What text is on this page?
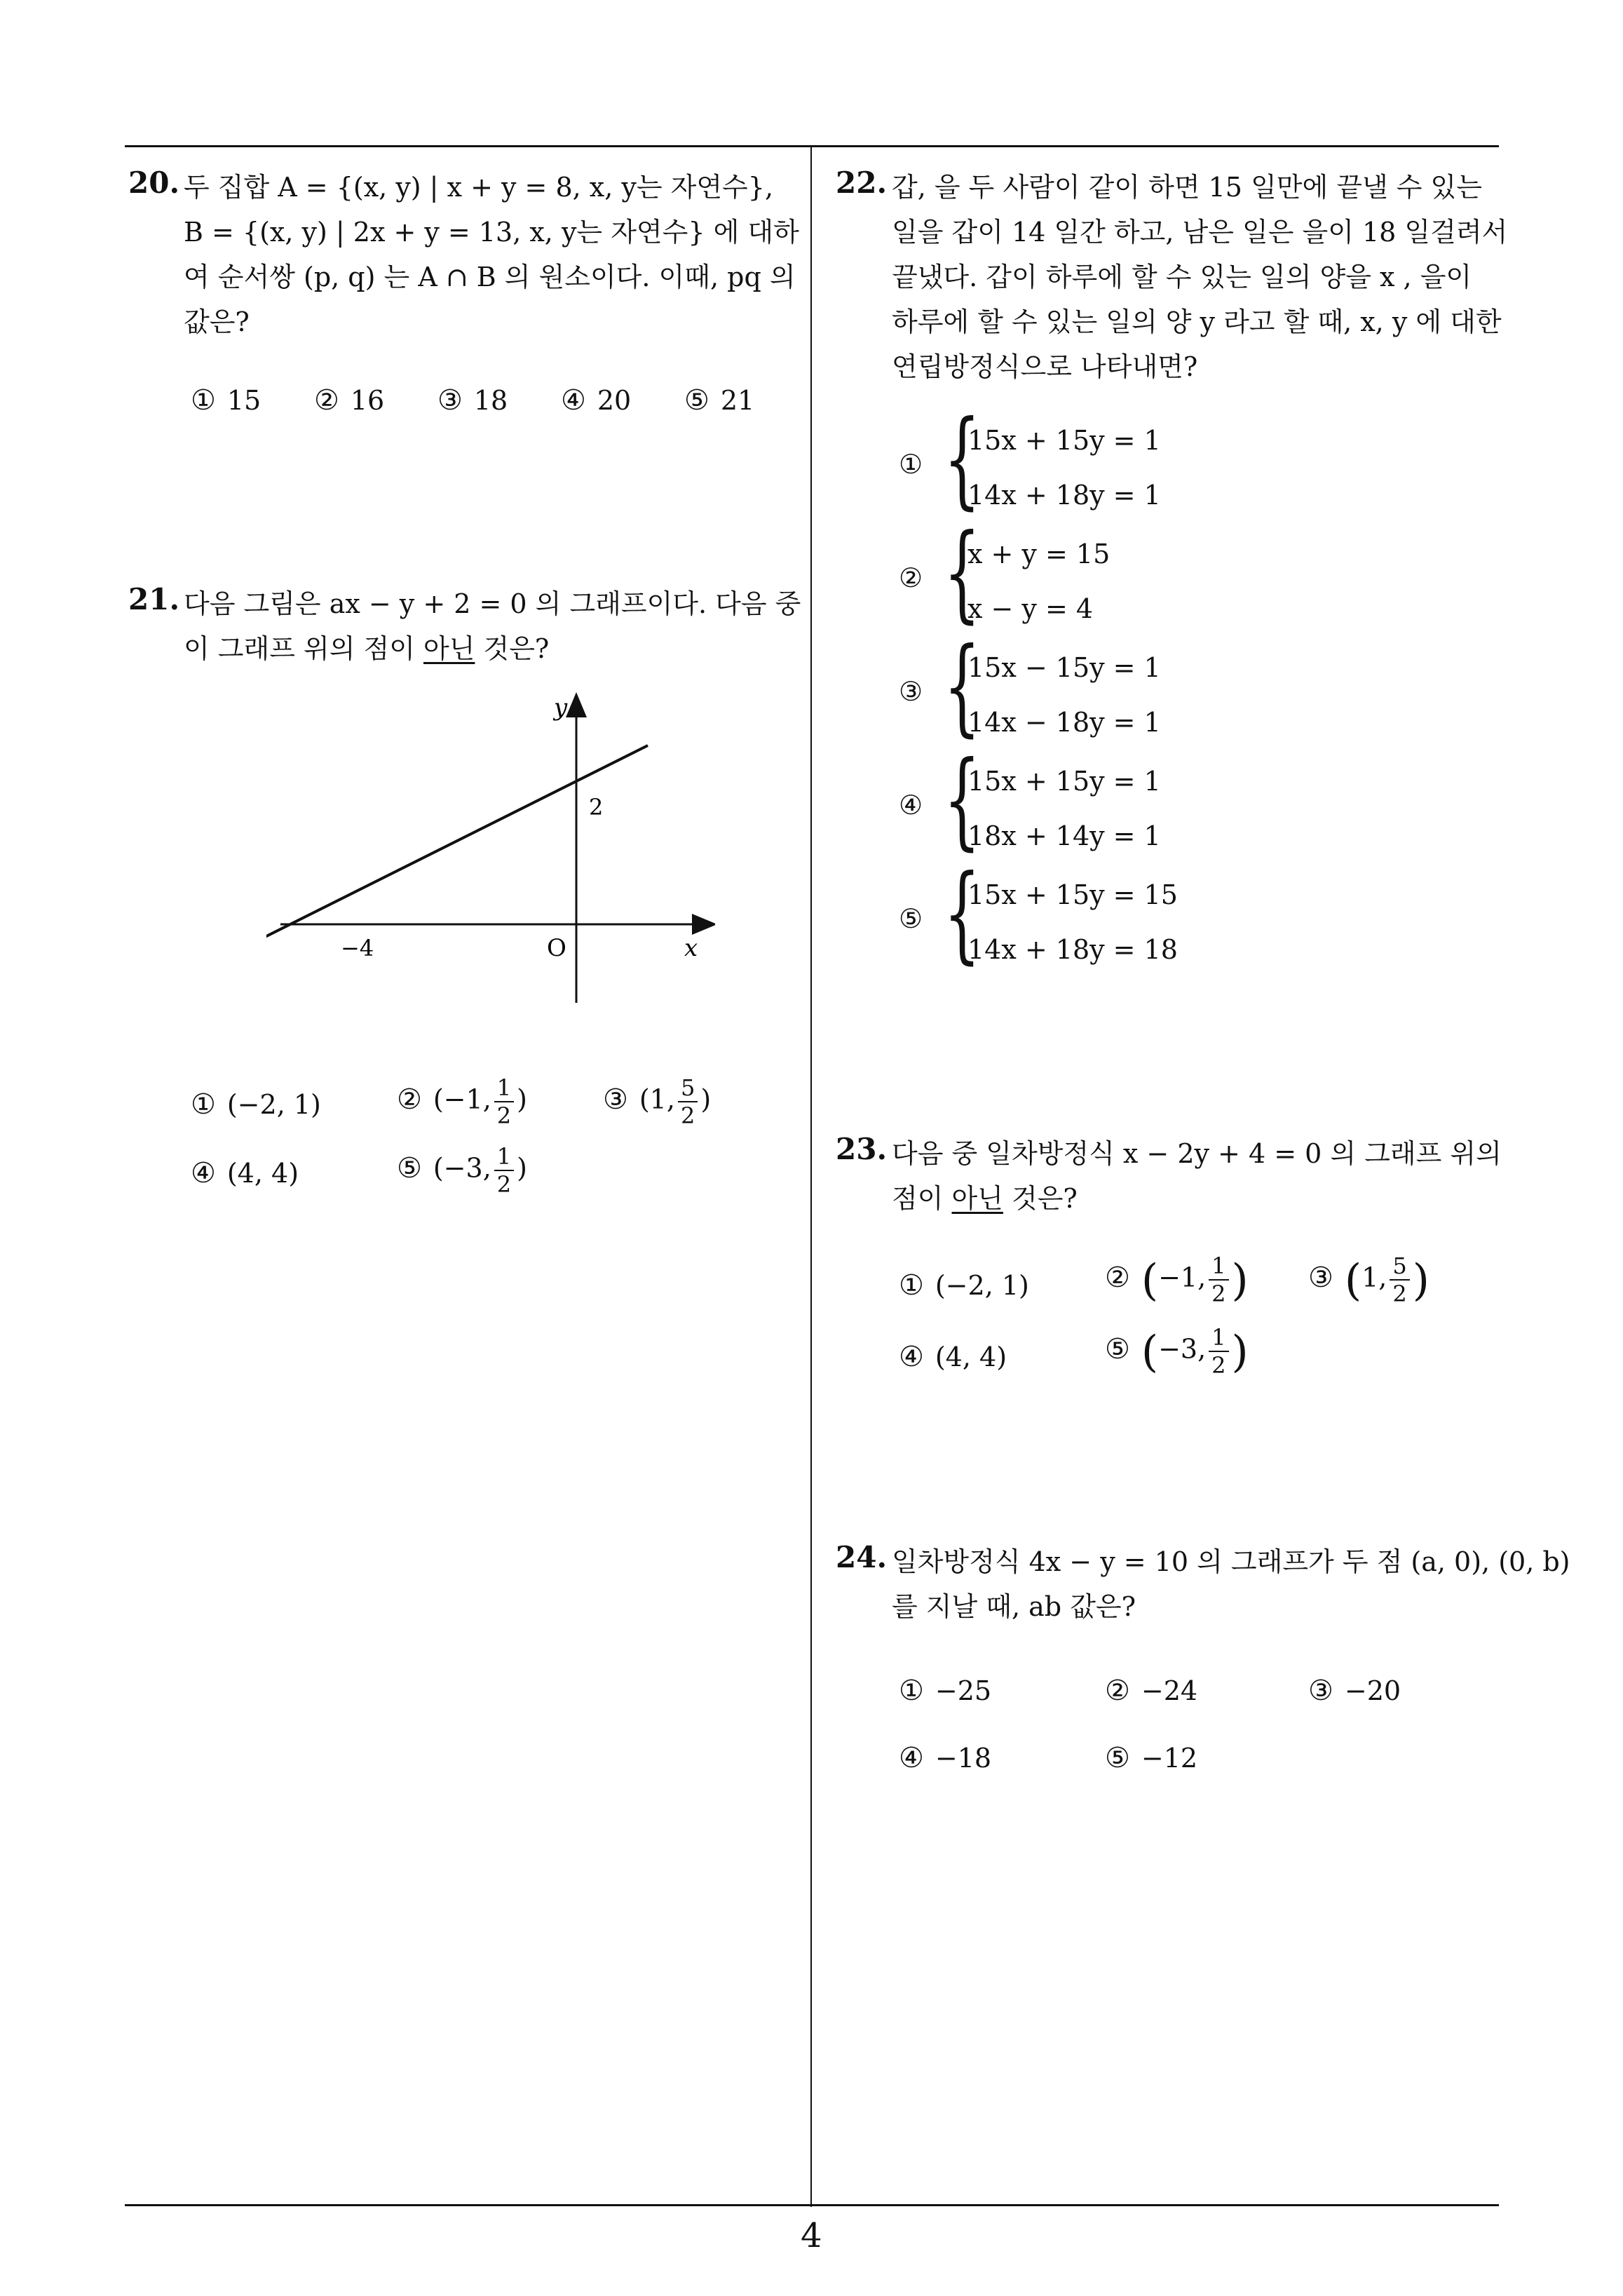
4
20. 두 집합 A = {(x, y) | x + y = 8, x, y는 자연수},
B = {(x, y) | 2x + y = 13, x, y는 자연수} 에 대하
여 순서쌍 (p, q) 는 A ∩ B 의 원소이다. 이때, pq 의
값은?
① 15 ② 16 ③ 18 ④ 20 ⑤ 21
21. 다음 그림은 ax − y + 2 = 0 의 그래프이다. 다음 중
이 그래프 위의 점이 아닌 것은?
y
x
O
−4
2
① (−2, 1)	② (−1, $\frac{1}{2}$ )	③ (1, $\frac{5}{2}$ )
④ (4, 4)	⑤ (−3, $\frac{1}{2}$ )
22. 갑, 을 두 사람이 같이 하면 15 일만에 끝낼 수 있는
일을 갑이 14 일간 하고, 남은 일은 을이 18 일걸려서
끝냈다. 갑이 하루에 할 수 있는 일의 양을 x , 을이
하루에 할 수 있는 일의 양 y 라고 할 때, x, y 에 대한
연립방정식으로 나타내면?
① {
15x + 15y = 1
14x + 18y = 1
② {
x + y = 15
x − y = 4
③ {
15x − 15y = 1
14x − 18y = 1
④ {
15x + 15y = 1
18x + 14y = 1
⑤ {
15x + 15y = 15
14x + 18y = 18
23. 다음 중 일차방정식 x − 2y + 4 = 0 의 그래프 위의
점이 아닌 것은?
① (−2, 1)	② (−1, $\frac{1}{2}$ ) ③ (1, $\frac{5}{2}$ )
④ (4, 4)	⑤ (−3, $\frac{1}{2}$ )
24. 일차방정식 4x − y = 10 의 그래프가 두 점 (a, 0), (0, b)
를 지날 때, ab 값은?
① −25	② −24	③ −20
④ −18	⑤ −12
